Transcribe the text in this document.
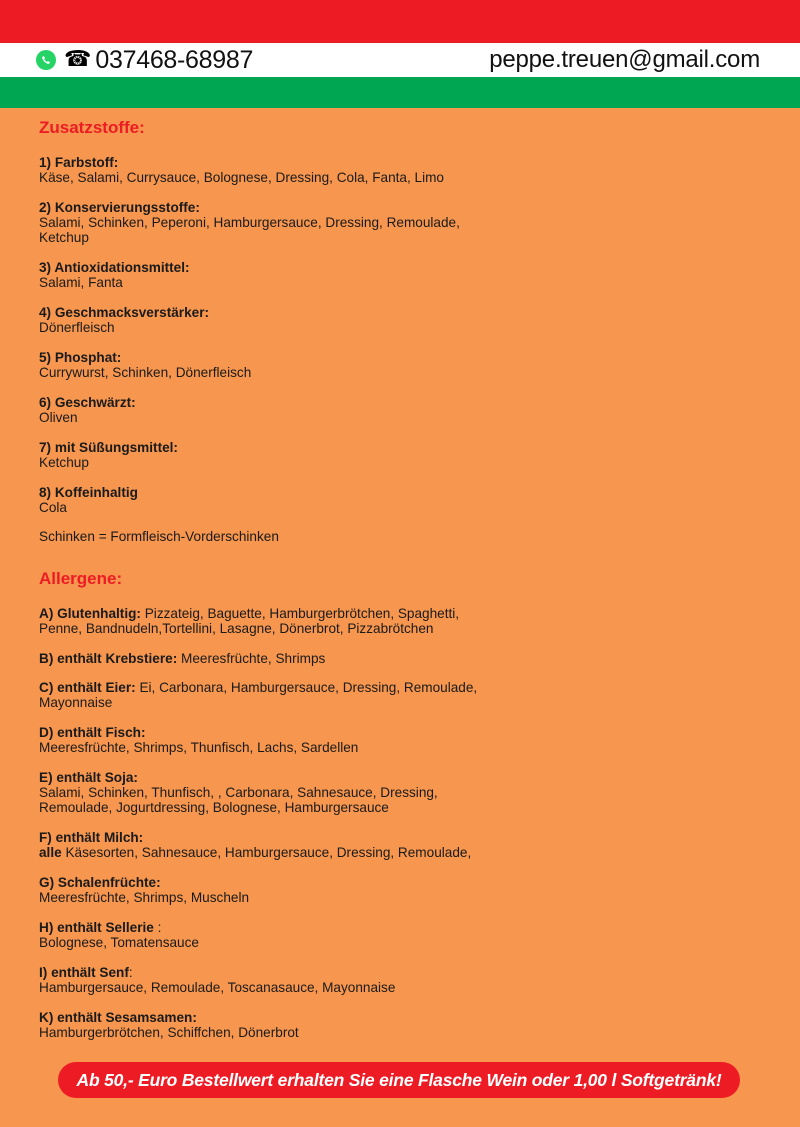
☎ 037468-68987	peppe.treuen@gmail.com
Zusatzstoffe:
1) Farbstoff:
Käse, Salami, Currysauce, Bolognese, Dressing, Cola, Fanta, Limo
2) Konservierungsstoffe:
Salami, Schinken, Peperoni, Hamburgersauce, Dressing, Remoulade,
Ketchup
3) Antioxidationsmittel:
Salami, Fanta
4) Geschmacksverstärker:
Dönerfleisch
5) Phosphat:
Currywurst, Schinken, Dönerfleisch
6) Geschwärzt:
Oliven
7) mit Süßungsmittel:
Ketchup
8) Koffeinhaltig
Cola
Schinken = Formfleisch-Vorderschinken
Allergene:
A) Glutenhaltig: Pizzateig, Baguette, Hamburgerbrötchen, Spaghetti,
Penne, Bandnudeln,Tortellini, Lasagne, Dönerbrot, Pizzabrötchen
B) enthält Krebstiere: Meeresfrüchte, Shrimps
C) enthält Eier: Ei, Carbonara, Hamburgersauce, Dressing, Remoulade,
Mayonnaise
D) enthält Fisch:
Meeresfrüchte, Shrimps, Thunfisch, Lachs, Sardellen
E) enthält Soja:
Salami, Schinken, Thunfisch, , Carbonara, Sahnesauce, Dressing,
Remoulade, Jogurtdressing, Bolognese, Hamburgersauce
F) enthält Milch:
alle Käsesorten, Sahnesauce, Hamburgersauce, Dressing, Remoulade,
G) Schalenfrüchte:
Meeresfrüchte, Shrimps, Muscheln
H) enthält Sellerie :
Bolognese, Tomatensauce
I) enthält Senf:
Hamburgersauce, Remoulade, Toscanasauce, Mayonnaise
K) enthält Sesamsamen:
Hamburgerbrötchen, Schiffchen, Dönerbrot
Ab 50,- Euro Bestellwert erhalten Sie eine Flasche Wein oder 1,00 l Softgetränk!
